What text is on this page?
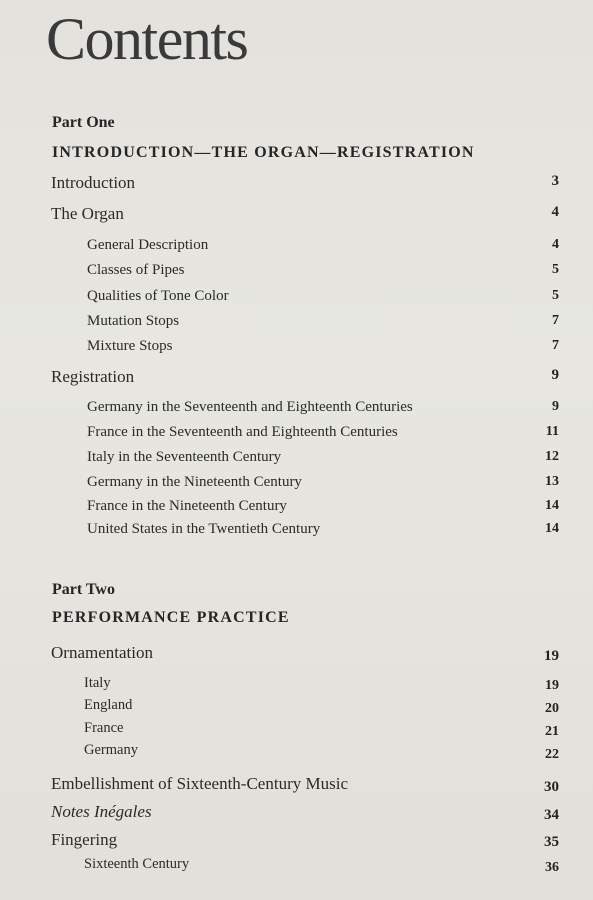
Contents
Part One
INTRODUCTION—THE ORGAN—REGISTRATION
Introduction	3
The Organ	4
General Description	4
Classes of Pipes	5
Qualities of Tone Color	5
Mutation Stops	7
Mixture Stops	7
Registration	9
Germany in the Seventeenth and Eighteenth Centuries	9
France in the Seventeenth and Eighteenth Centuries	11
Italy in the Seventeenth Century	12
Germany in the Nineteenth Century	13
France in the Nineteenth Century	14
United States in the Twentieth Century	14
Part Two
PERFORMANCE PRACTICE
Ornamentation	19
Italy	19
England	20
France	21
Germany	22
Embellishment of Sixteenth-Century Music	30
Notes Inégales	34
Fingering	35
Sixteenth Century	36
